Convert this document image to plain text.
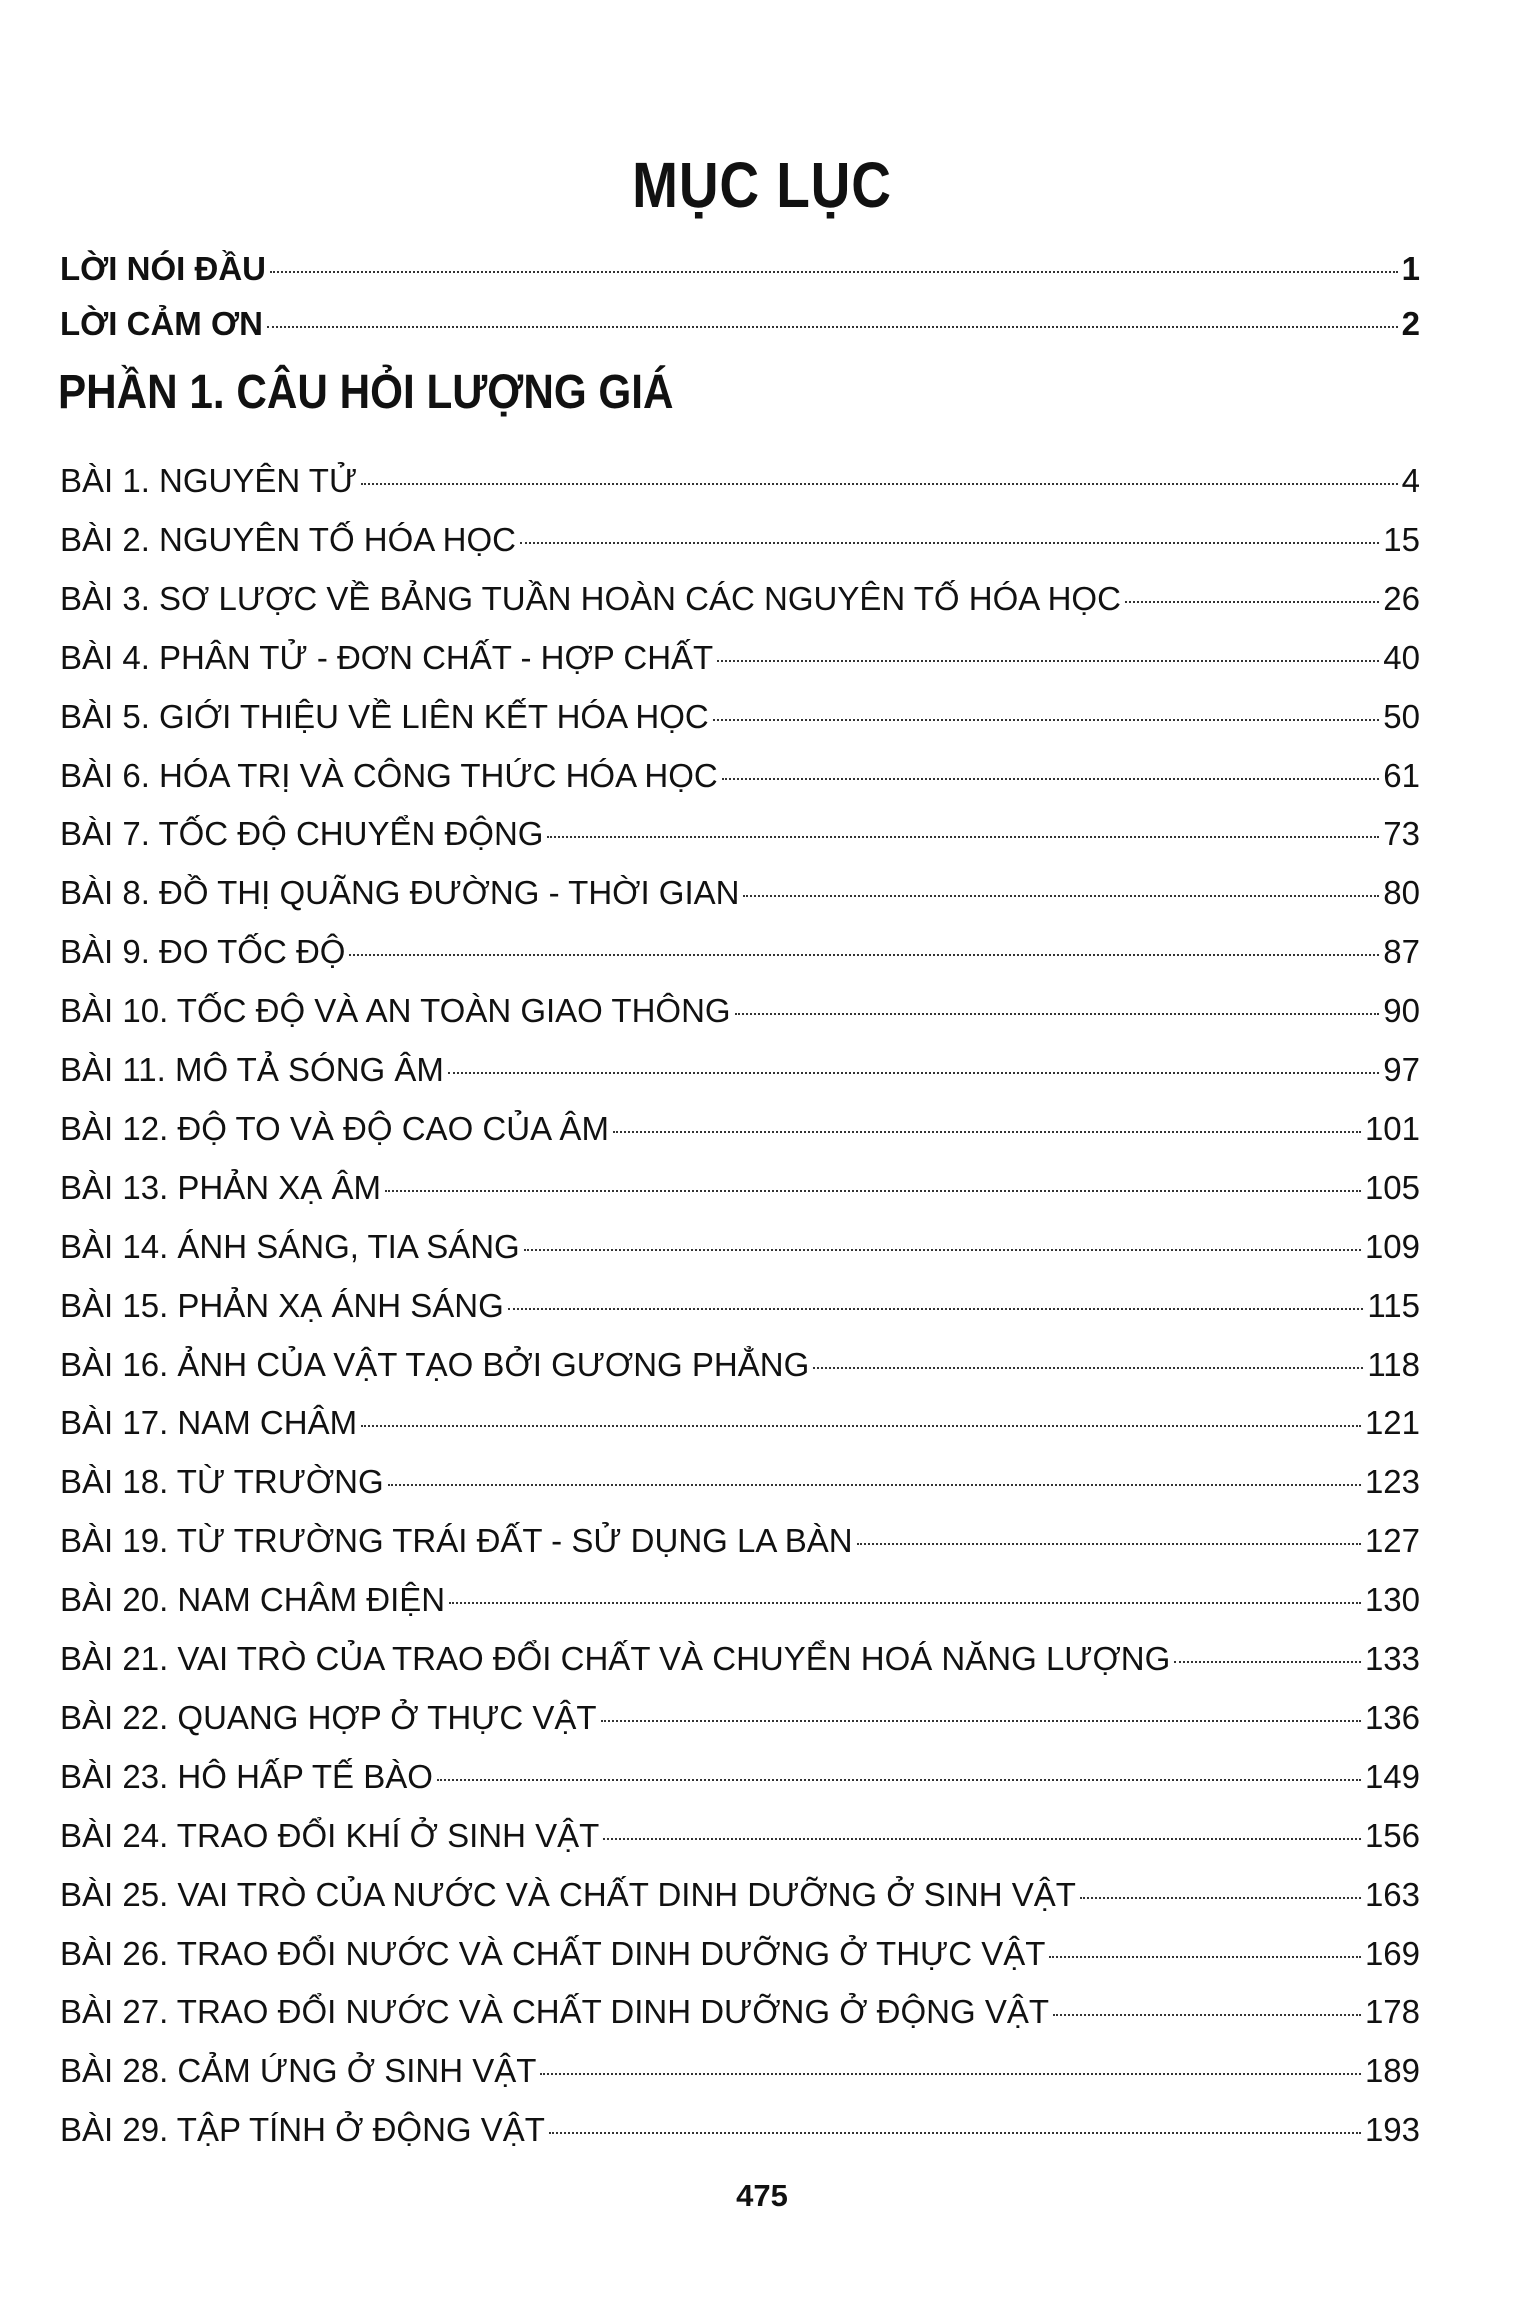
MỤC LỤC
LỜI NÓI ĐẦU	1
LỜI CẢM ƠN	2
PHẦN 1. CÂU HỎI LƯỢNG GIÁ
BÀI 1. NGUYÊN TỬ	4
BÀI 2. NGUYÊN TỐ HÓA HỌC	15
BÀI 3. SƠ LƯỢC VỀ BẢNG TUẦN HOÀN CÁC NGUYÊN TỐ HÓA HỌC	26
BÀI 4. PHÂN TỬ - ĐƠN CHẤT - HỢP CHẤT	40
BÀI 5. GIỚI THIỆU VỀ LIÊN KẾT HÓA HỌC	50
BÀI 6. HÓA TRỊ VÀ CÔNG THỨC HÓA HỌC	61
BÀI 7. TỐC ĐỘ CHUYỂN ĐỘNG	73
BÀI 8. ĐỒ THỊ QUÃNG ĐƯỜNG - THỜI GIAN	80
BÀI 9. ĐO TỐC ĐỘ	87
BÀI 10. TỐC ĐỘ VÀ AN TOÀN GIAO THÔNG	90
BÀI 11. MÔ TẢ SÓNG ÂM	97
BÀI 12. ĐỘ TO VÀ ĐỘ CAO CỦA ÂM	101
BÀI 13. PHẢN XẠ ÂM	105
BÀI 14. ÁNH SÁNG, TIA SÁNG	109
BÀI 15. PHẢN XẠ ÁNH SÁNG	115
BÀI 16. ẢNH CỦA VẬT TẠO BỞI GƯƠNG PHẲNG	118
BÀI 17. NAM CHÂM	121
BÀI 18. TỪ TRƯỜNG	123
BÀI 19. TỪ TRƯỜNG TRÁI ĐẤT - SỬ DỤNG LA BÀN	127
BÀI 20. NAM CHÂM ĐIỆN	130
BÀI 21. VAI TRÒ CỦA TRAO ĐỔI CHẤT VÀ CHUYỂN HOÁ NĂNG LƯỢNG	133
BÀI 22. QUANG HỢP Ở THỰC VẬT	136
BÀI 23. HÔ HẤP TẾ BÀO	149
BÀI 24. TRAO ĐỔI KHÍ Ở SINH VẬT	156
BÀI 25. VAI TRÒ CỦA NƯỚC VÀ CHẤT DINH DƯỠNG Ở SINH VẬT	163
BÀI 26. TRAO ĐỔI NƯỚC VÀ CHẤT DINH DƯỠNG Ở THỰC VẬT	169
BÀI 27. TRAO ĐỔI NƯỚC VÀ CHẤT DINH DƯỠNG Ở ĐỘNG VẬT	178
BÀI 28. CẢM ỨNG Ở SINH VẬT	189
BÀI 29. TẬP TÍNH Ở ĐỘNG VẬT	193
475
